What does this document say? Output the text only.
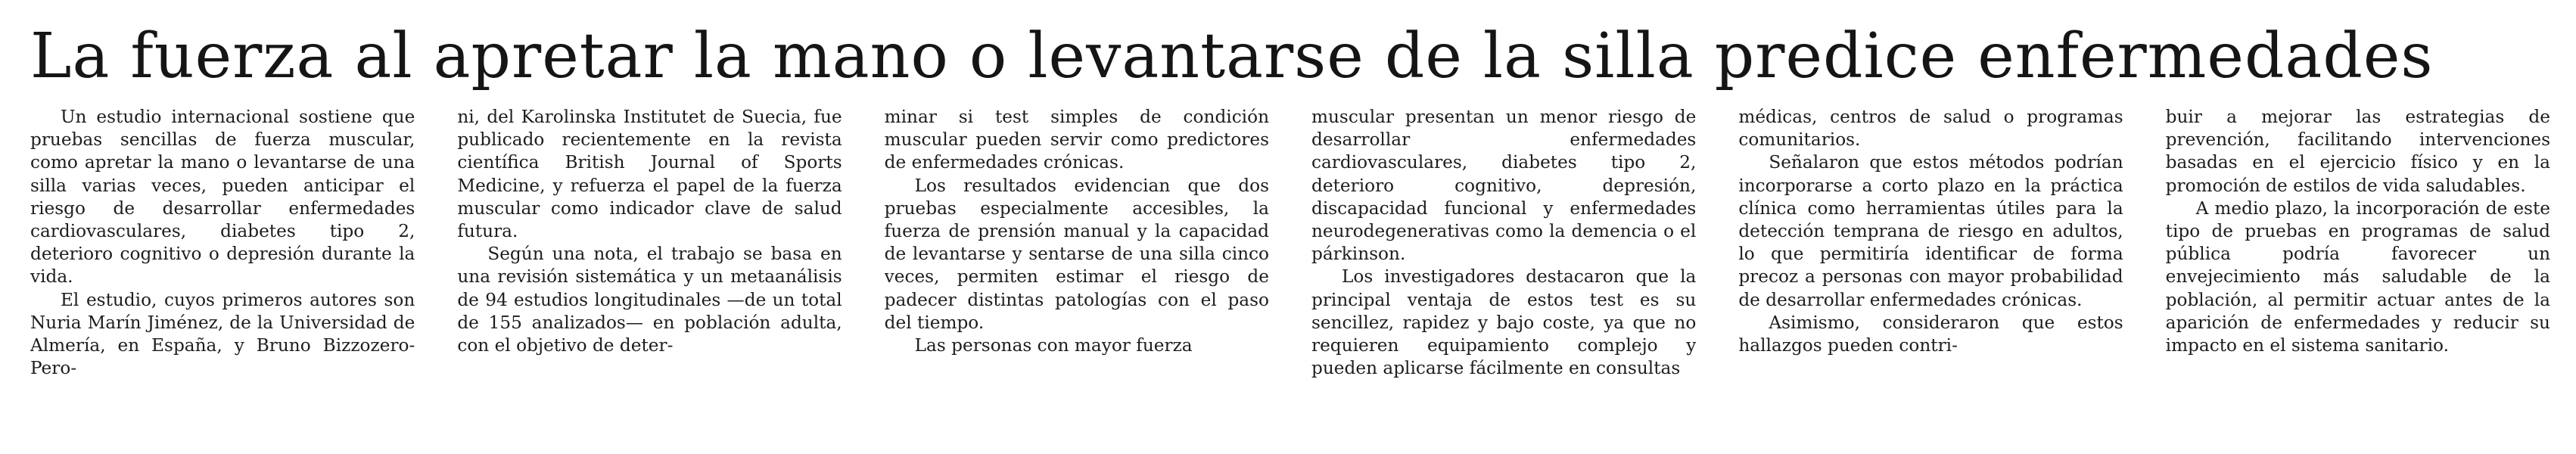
La fuerza al apretar la mano o levantarse de la silla predice enfermedades

Un estudio internacional sostiene que pruebas sencillas de fuerza muscular, como apretar la mano o levantarse de una silla varias veces, pueden anticipar el riesgo de desarrollar enfermedades cardiovasculares, diabetes tipo 2, deterioro cognitivo o depresión durante la vida.

El estudio, cuyos primeros autores son Nuria Marín Jiménez, de la Universidad de Almería, en España, y Bruno Bizzozero-Pero-

ni, del Karolinska Institutet de Suecia, fue publicado recientemente en la revista científica British Journal of Sports Medicine, y refuerza el papel de la fuerza muscular como indicador clave de salud futura.

Según una nota, el trabajo se basa en una revisión sistemática y un metaanálisis de 94 estudios longitudinales —de un total de 155 analizados— en población adulta, con el objetivo de deter-

minar si test simples de condición muscular pueden servir como predictores de enfermedades crónicas.

Los resultados evidencian que dos pruebas especialmente accesibles, la fuerza de prensión manual y la capacidad de levantarse y sentarse de una silla cinco veces, permiten estimar el riesgo de padecer distintas patologías con el paso del tiempo.

Las personas con mayor fuerza

muscular presentan un menor riesgo de desarrollar enfermedades cardiovasculares, diabetes tipo 2, deterioro cognitivo, depresión, discapacidad funcional y enfermedades neurodegenerativas como la demencia o el párkinson.

Los investigadores destacaron que la principal ventaja de estos test es su sencillez, rapidez y bajo coste, ya que no requieren equipamiento complejo y pueden aplicarse fácilmente en consultas

médicas, centros de salud o programas comunitarios.

Señalaron que estos métodos podrían incorporarse a corto plazo en la práctica clínica como herramientas útiles para la detección temprana de riesgo en adultos, lo que permitiría identificar de forma precoz a personas con mayor probabilidad de desarrollar enfermedades crónicas.

Asimismo, consideraron que estos hallazgos pueden contri-

buir a mejorar las estrategias de prevención, facilitando intervenciones basadas en el ejercicio físico y en la promoción de estilos de vida saludables.

A medio plazo, la incorporación de este tipo de pruebas en programas de salud pública podría favorecer un envejecimiento más saludable de la población, al permitir actuar antes de la aparición de enfermedades y reducir su impacto en el sistema sanitario.
